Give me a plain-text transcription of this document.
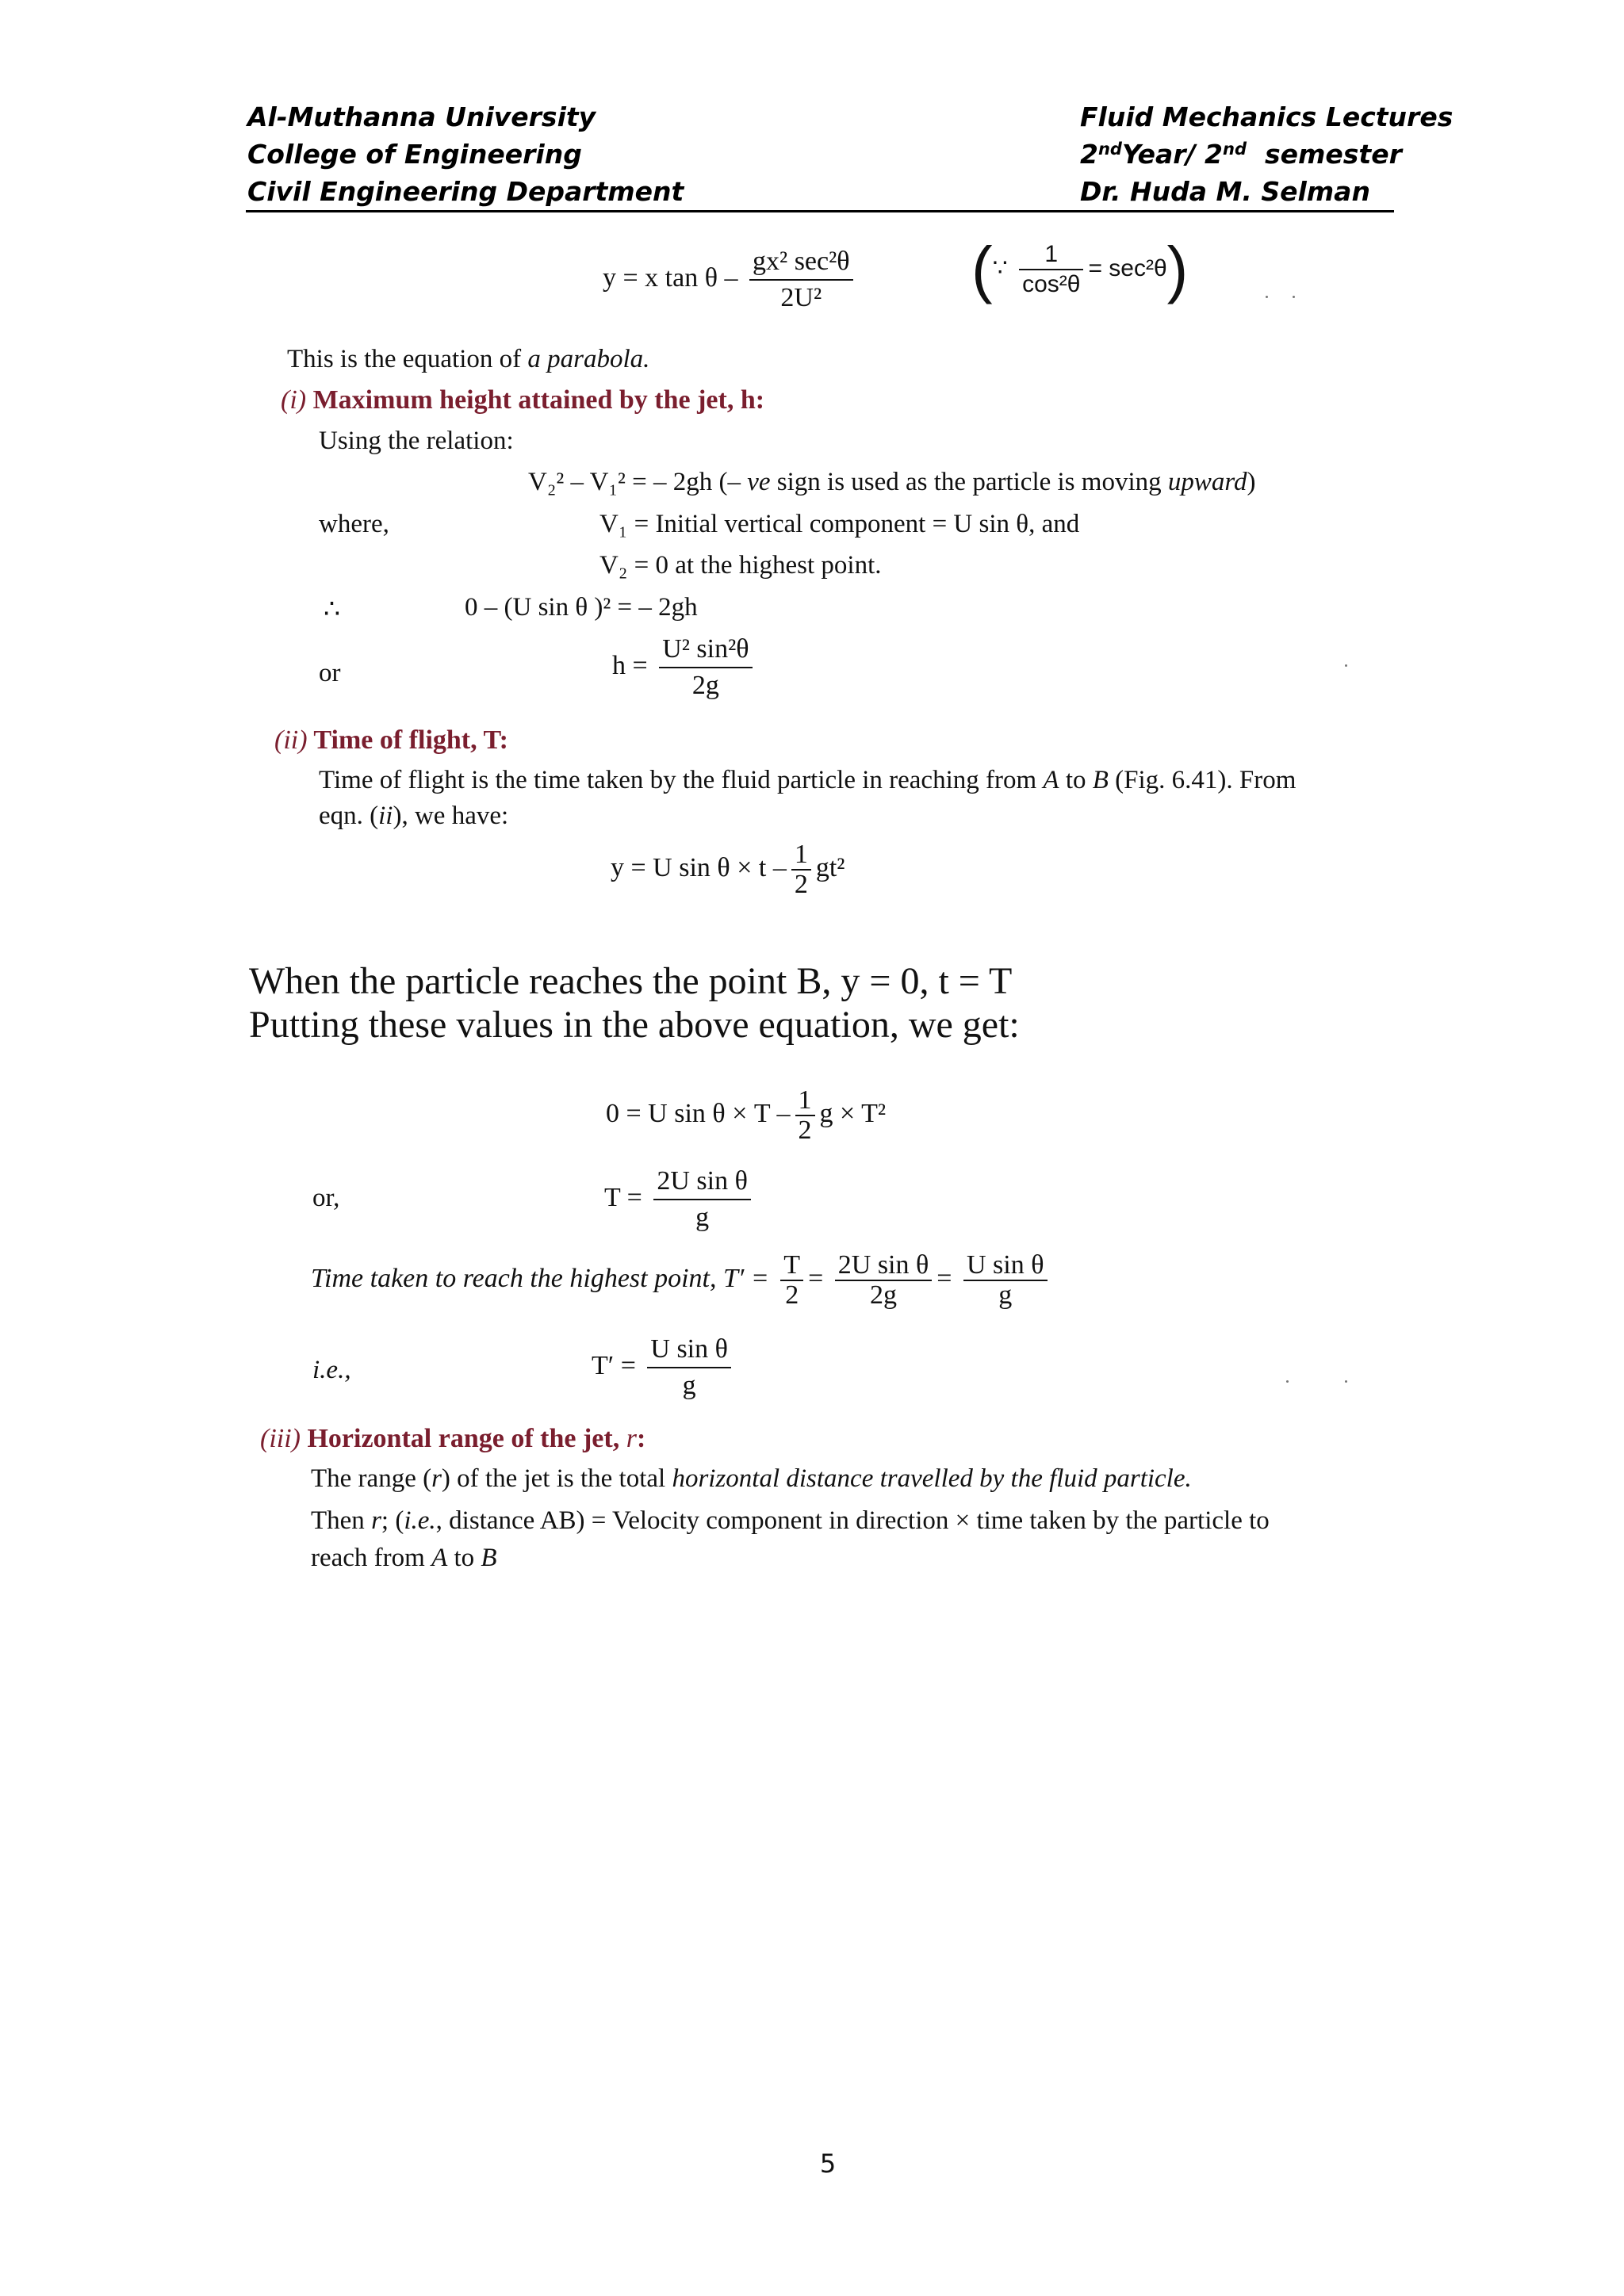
Al-Muthanna University
College of Engineering
Civil Engineering Department
Fluid Mechanics Lectures
2ndYear/ 2nd  semester
Dr. Huda M. Selman
y = x tan θ – $\frac{\text{gx² sec²θ}}{\text{2U²}}$ (∵ $\frac{1}{\text{cos²θ}} = \sec^2\theta$)
This is the equation of a parabola.
(i) Maximum height attained by the jet, h:
Using the relation:
V₂² – V₁² = – 2gh (– ve sign is used as the particle is moving upward)
where,	V₁ = Initial vertical component = U sin θ, and
V₂ = 0 at the highest point.
∴	0 – (U sin θ )² = – 2gh
or	$h = \frac{\text{U² sin²θ}}{2g}$
(ii) Time of flight, T:
Time of flight is the time taken by the fluid particle in reaching from A to B (Fig. 6.41). From
eqn. (ii), we have:
y = U $\sin \theta \times t - \frac{1}{2} gt^2$
When the particle reaches the point B, y = 0, t = T
Putting these values in the above equation, we get:
0 = U $\sin \theta \times T - \frac{1}{2}$ g × T²
or,	$T = \frac{\text{2U sin θ}}{g}$
Time taken to reach the highest point, $T' = \frac{T}{2} = \frac{\text{2U sin θ}}{2g} = \frac{\text{U sin θ}}{g}$
i.e.,	$T' = \frac{\text{U sin θ}}{g}$
(iii) Horizontal range of the jet, r:
The range (r) of the jet is the total horizontal distance travelled by the fluid particle.
Then r; (i.e., distance AB) = Velocity component in direction × time taken by the particle to
reach from A to B
5
